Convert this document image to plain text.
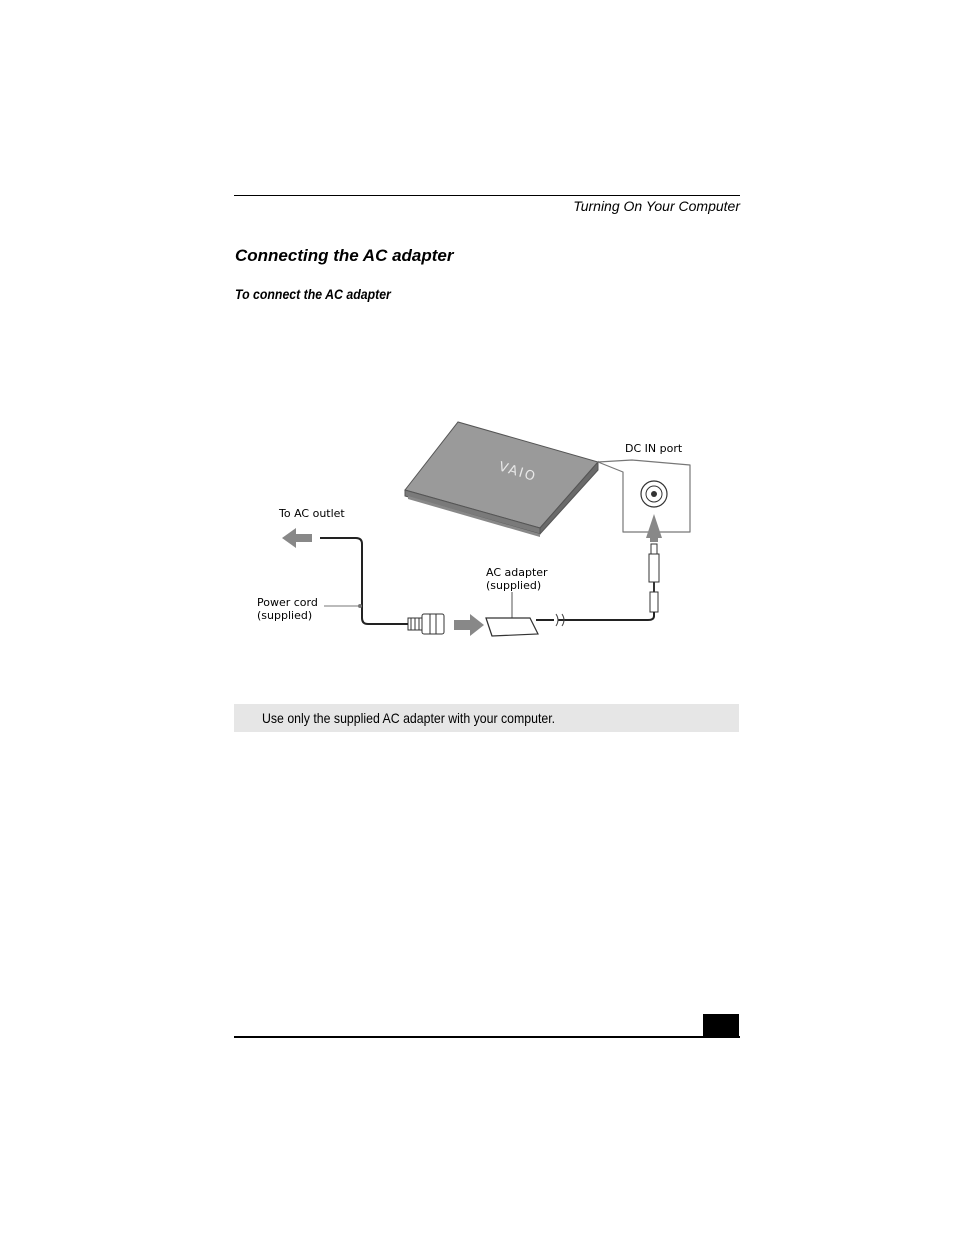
Turning On Your Computer
Connecting the AC adapter
To connect the AC adapter
VAIO
DC IN port
AC adapter
(supplied)
To AC outlet
Power cord
(supplied)
Use only the supplied AC adapter with your computer.
